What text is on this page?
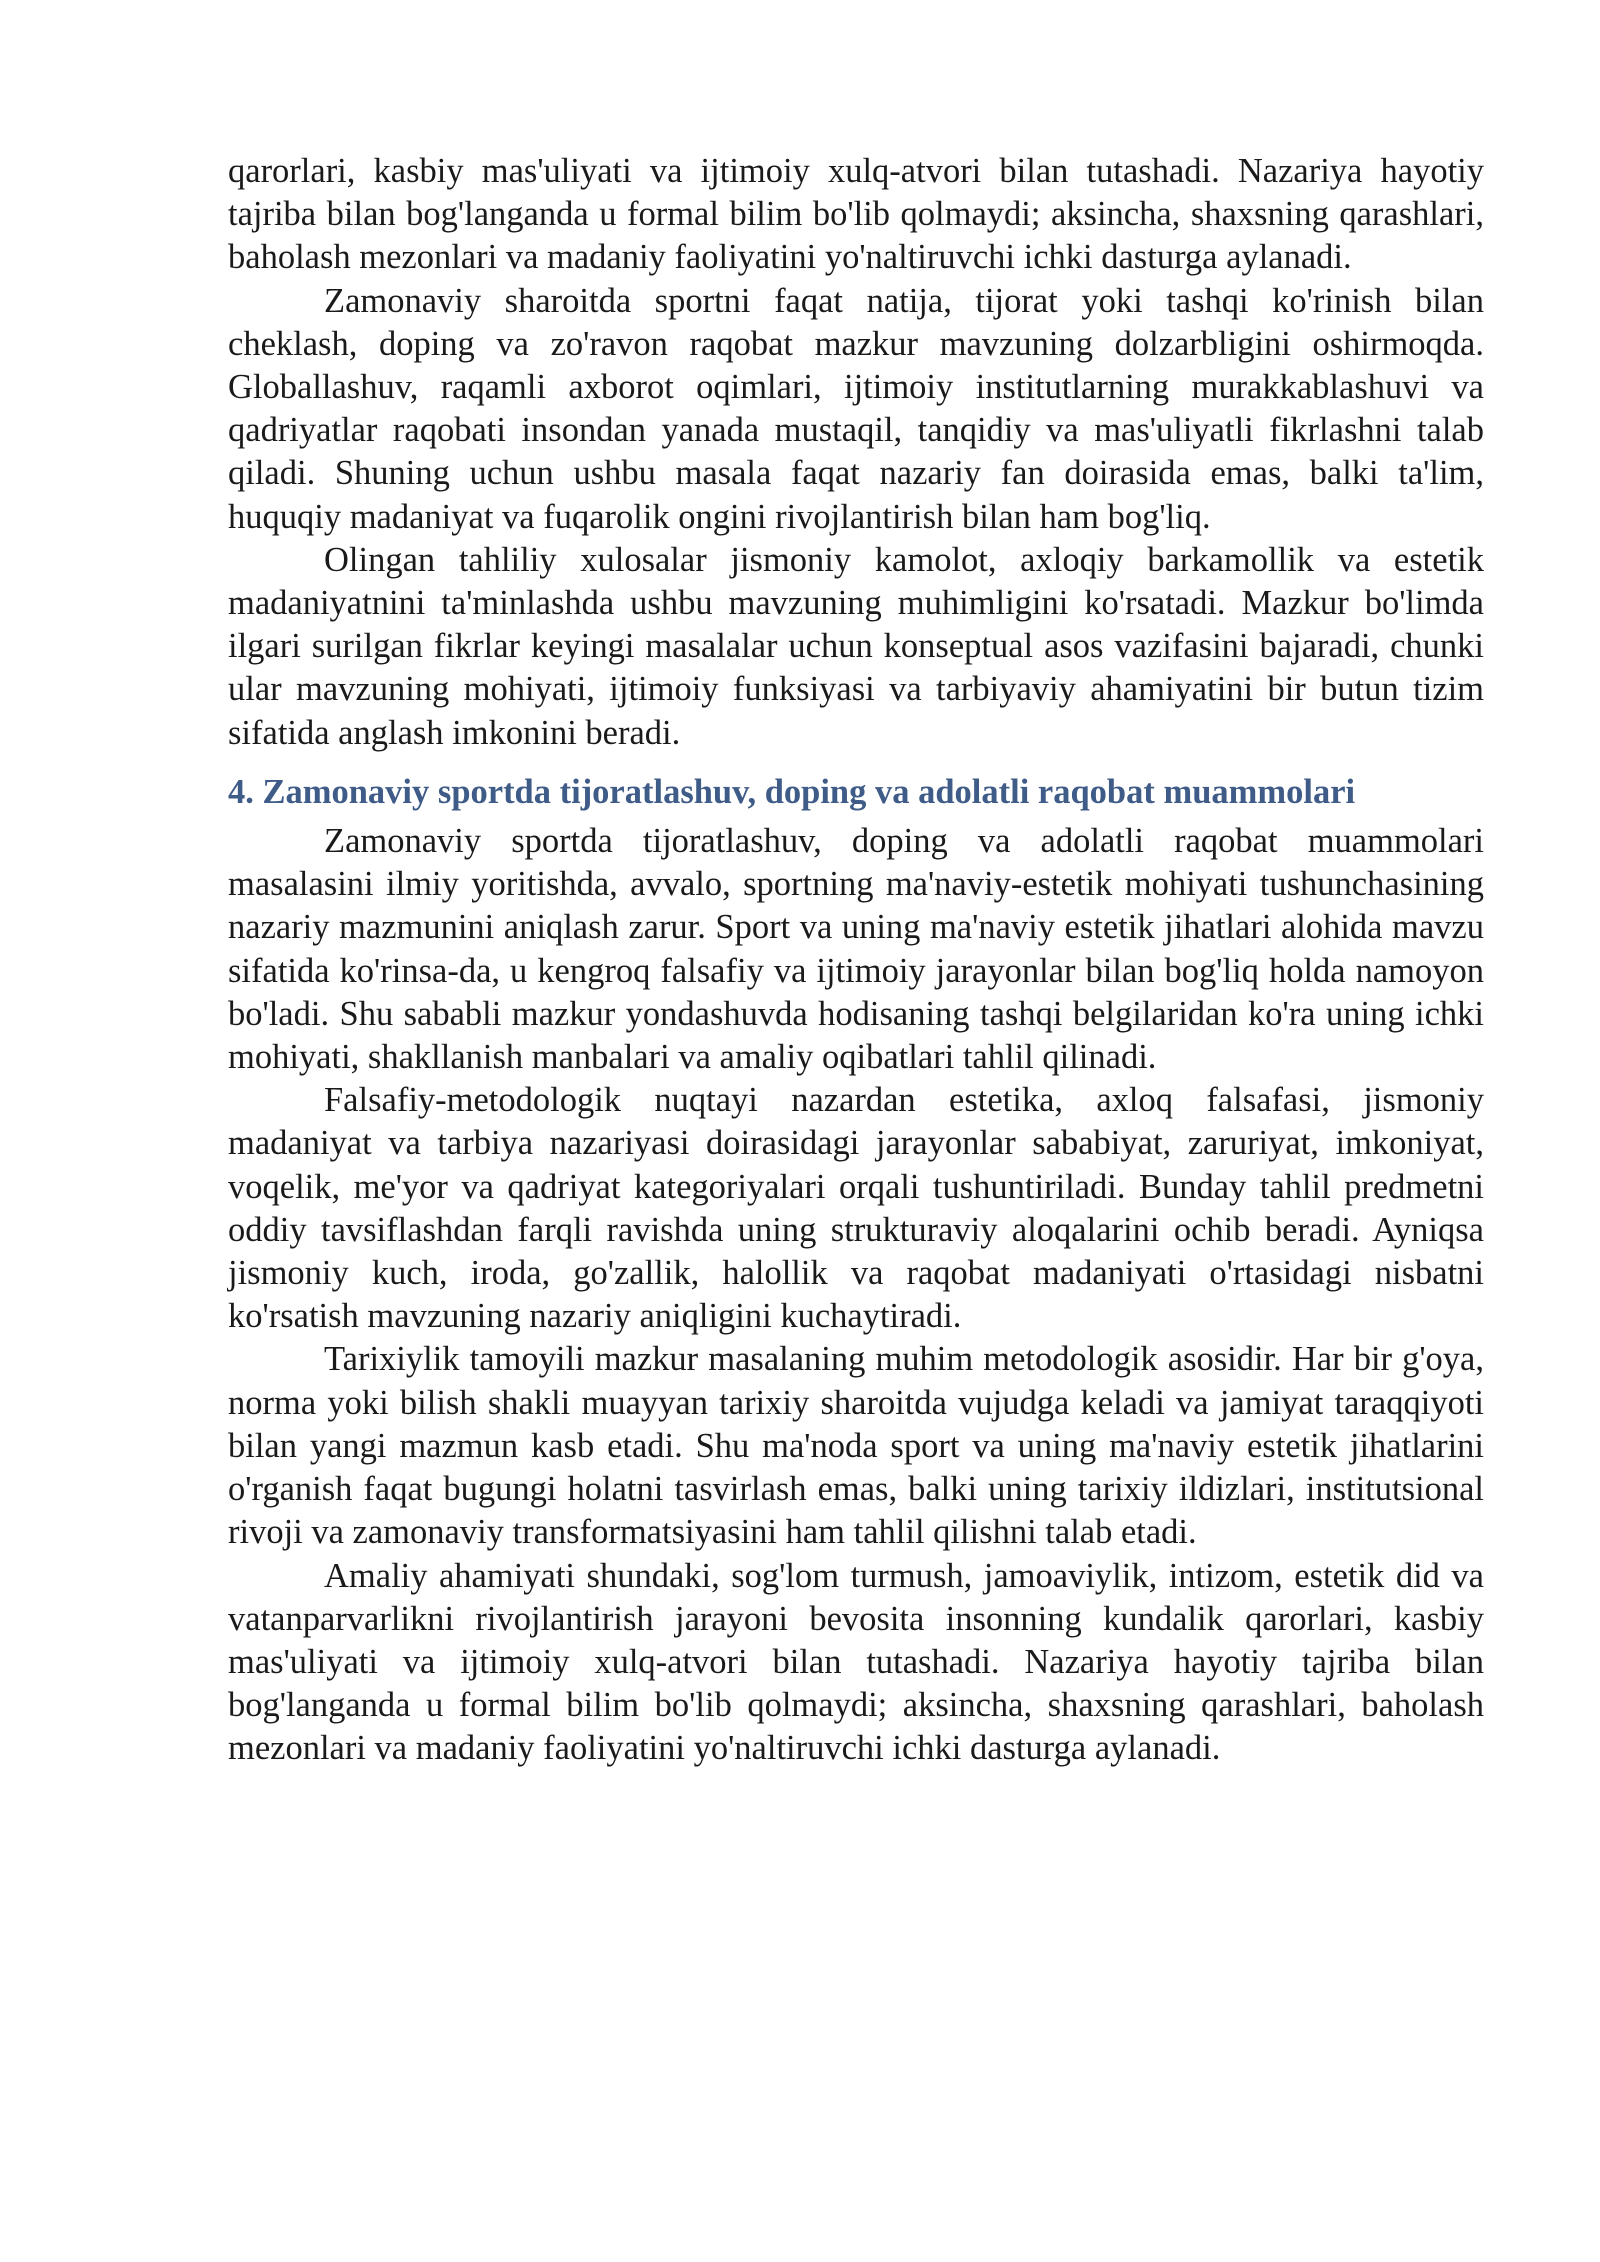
qarorlari, kasbiy mas'uliyati va ijtimoiy xulq-atvori bilan tutashadi. Nazariya hayotiy tajriba bilan bog'langanda u formal bilim bo'lib qolmaydi; aksincha, shaxsning qarashlari, baholash mezonlari va madaniy faoliyatini yo'naltiruvchi ichki dasturga aylanadi.

Zamonaviy sharoitda sportni faqat natija, tijorat yoki tashqi ko'rinish bilan cheklash, doping va zo'ravon raqobat mazkur mavzuning dolzarbligini oshirmoqda. Globallashuv, raqamli axborot oqimlari, ijtimoiy institutlarning murakkablashuvi va qadriyatlar raqobati insondan yanada mustaqil, tanqidiy va mas'uliyatli fikrlashni talab qiladi. Shuning uchun ushbu masala faqat nazariy fan doirasida emas, balki ta'lim, huquqiy madaniyat va fuqarolik ongini rivojlantirish bilan ham bog'liq.

Olingan tahliliy xulosalar jismoniy kamolot, axloqiy barkamollik va estetik madaniyatnini ta'minlashda ushbu mavzuning muhimligini ko'rsatadi. Mazkur bo'limda ilgari surilgan fikrlar keyingi masalalar uchun konseptual asos vazifasini bajaradi, chunki ular mavzuning mohiyati, ijtimoiy funksiyasi va tarbiyaviy ahamiyatini bir butun tizim sifatida anglash imkonini beradi.

4. Zamonaviy sportda tijoratlashuv, doping va adolatli raqobat muammolari

Zamonaviy sportda tijoratlashuv, doping va adolatli raqobat muammolari masalasini ilmiy yoritishda, avvalo, sportning ma'naviy-estetik mohiyati tushunchasining nazariy mazmunini aniqlash zarur. Sport va uning ma'naviy estetik jihatlari alohida mavzu sifatida ko'rinsa-da, u kengroq falsafiy va ijtimoiy jarayonlar bilan bog'liq holda namoyon bo'ladi. Shu sababli mazkur yondashuvda hodisaning tashqi belgilaridan ko'ra uning ichki mohiyati, shakllanish manbalari va amaliy oqibatlari tahlil qilinadi.

Falsafiy-metodologik nuqtayi nazardan estetika, axloq falsafasi, jismoniy madaniyat va tarbiya nazariyasi doirasidagi jarayonlar sababiyat, zaruriyat, imkoniyat, voqelik, me'yor va qadriyat kategoriyalari orqali tushuntiriladi. Bunday tahlil predmetni oddiy tavsiflashdan farqli ravishda uning strukturaviy aloqalarini ochib beradi. Ayniqsa jismoniy kuch, iroda, go'zallik, halollik va raqobat madaniyati o'rtasidagi nisbatni ko'rsatish mavzuning nazariy aniqligini kuchaytiradi.

Tarixiylik tamoyili mazkur masalaning muhim metodologik asosidir. Har bir g'oya, norma yoki bilish shakli muayyan tarixiy sharoitda vujudga keladi va jamiyat taraqqiyoti bilan yangi mazmun kasb etadi. Shu ma'noda sport va uning ma'naviy estetik jihatlarini o'rganish faqat bugungi holatni tasvirlash emas, balki uning tarixiy ildizlari, institutsional rivoji va zamonaviy transformatsiyasini ham tahlil qilishni talab etadi.

Amaliy ahamiyati shundaki, sog'lom turmush, jamoaviylik, intizom, estetik did va vatanparvarlikni rivojlantirish jarayoni bevosita insonning kundalik qarorlari, kasbiy mas'uliyati va ijtimoiy xulq-atvori bilan tutashadi. Nazariya hayotiy tajriba bilan bog'langanda u formal bilim bo'lib qolmaydi; aksincha, shaxsning qarashlari, baholash mezonlari va madaniy faoliyatini yo'naltiruvchi ichki dasturga aylanadi.
